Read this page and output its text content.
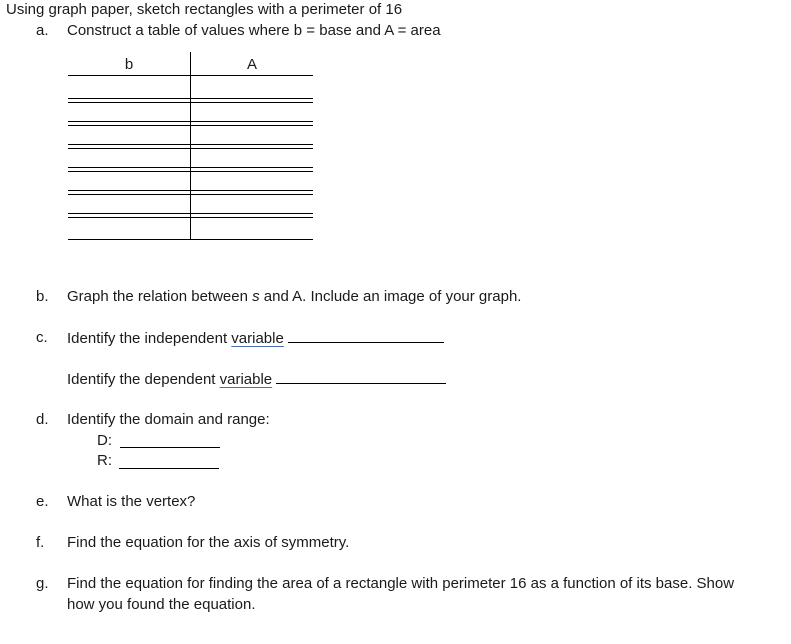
Using graph paper, sketch rectangles with a perimeter of 16
a.	Construct a table of values where b = base and A = area
b	A
b.	Graph the relation between s and A. Include an image of your graph.
c.	Identify the independent variable
Identify the dependent variable
d.	Identify the domain and range:
D:
R:
e.	What is the vertex?
f.	Find the equation for the axis of symmetry.
g.	Find the equation for finding the area of a rectangle with perimeter 16 as a function of its base. Show
how you found the equation.
